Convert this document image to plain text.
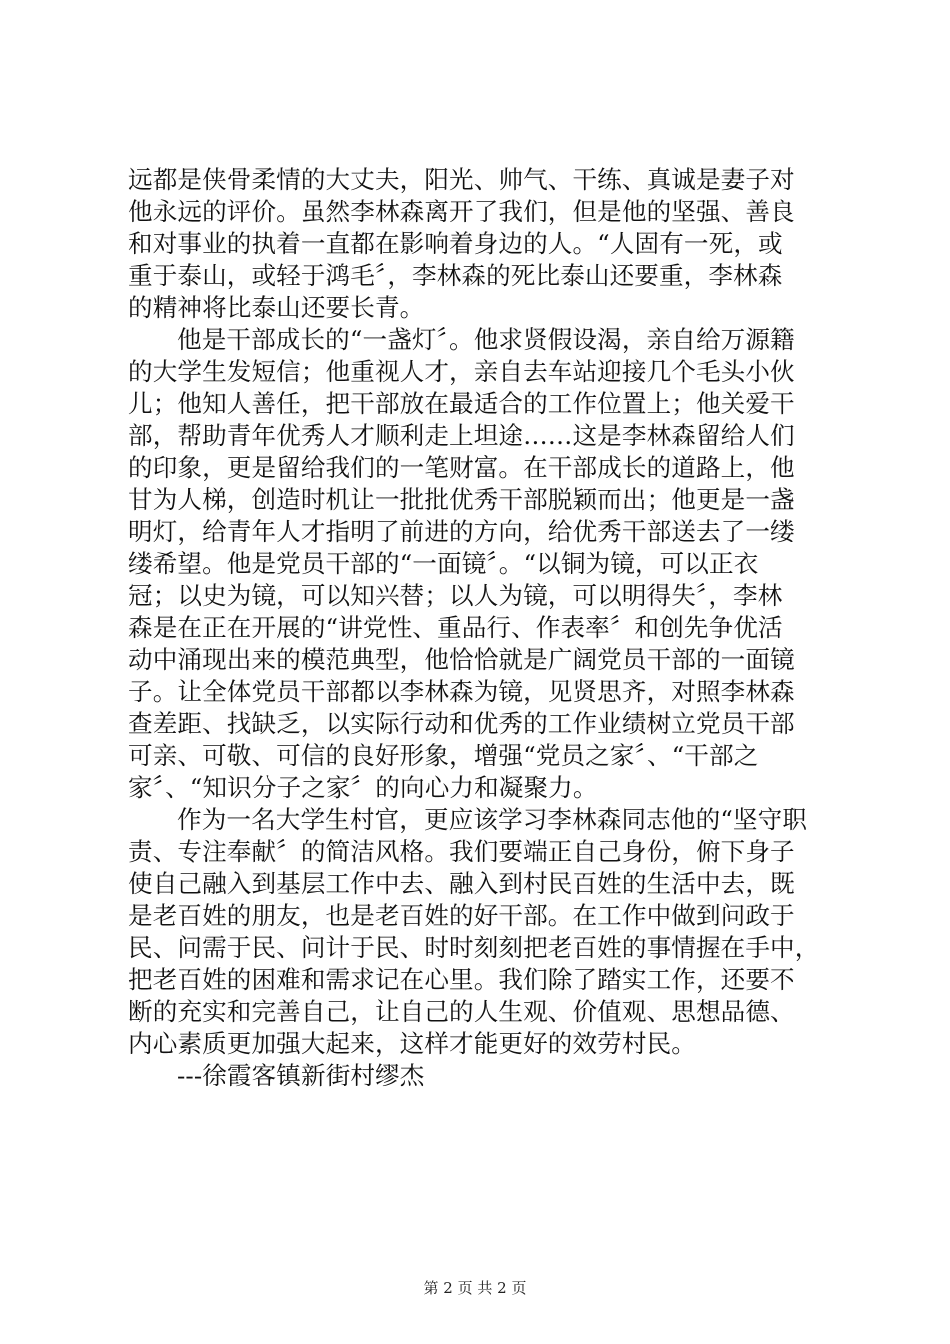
远都是侠骨柔情的大丈夫，阳光、帅气、干练、真诚是妻子对
他永远的评价。虽然李林森离开了我们，但是他的坚强、善良
和对事业的执着一直都在影响着身边的人。“人固有一死，或
重于泰山，或轻于鸿毛〞，李林森的死比泰山还要重，李林森
的精神将比泰山还要长青。
他是干部成长的“一盏灯〞。他求贤假设渴，亲自给万源籍
的大学生发短信；他重视人才，亲自去车站迎接几个毛头小伙
儿；他知人善任，把干部放在最适合的工作位置上；他关爱干
部，帮助青年优秀人才顺利走上坦途……这是李林森留给人们
的印象，更是留给我们的一笔财富。在干部成长的道路上，他
甘为人梯，创造时机让一批批优秀干部脱颖而出；他更是一盏
明灯，给青年人才指明了前进的方向，给优秀干部送去了一缕
缕希望。他是党员干部的“一面镜〞。“以铜为镜，可以正衣
冠；以史为镜，可以知兴替；以人为镜，可以明得失〞，李林
森是在正在开展的“讲党性、重品行、作表率〞和创先争优活
动中涌现出来的模范典型，他恰恰就是广阔党员干部的一面镜
子。让全体党员干部都以李林森为镜，见贤思齐，对照李林森
查差距、找缺乏，以实际行动和优秀的工作业绩树立党员干部
可亲、可敬、可信的良好形象，增强“党员之家〞、“干部之
家〞、“知识分子之家〞的向心力和凝聚力。
作为一名大学生村官，更应该学习李林森同志他的“坚守职
责、专注奉献〞的简洁风格。我们要端正自己身份，俯下身子
使自己融入到基层工作中去、融入到村民百姓的生活中去，既
是老百姓的朋友，也是老百姓的好干部。在工作中做到问政于
民、问需于民、问计于民、时时刻刻把老百姓的事情握在手中，
把老百姓的困难和需求记在心里。我们除了踏实工作，还要不
断的充实和完善自己，让自己的人生观、价值观、思想品德、
内心素质更加强大起来，这样才能更好的效劳村民。
---徐霞客镇新街村缪杰
第 2 页 共 2 页
